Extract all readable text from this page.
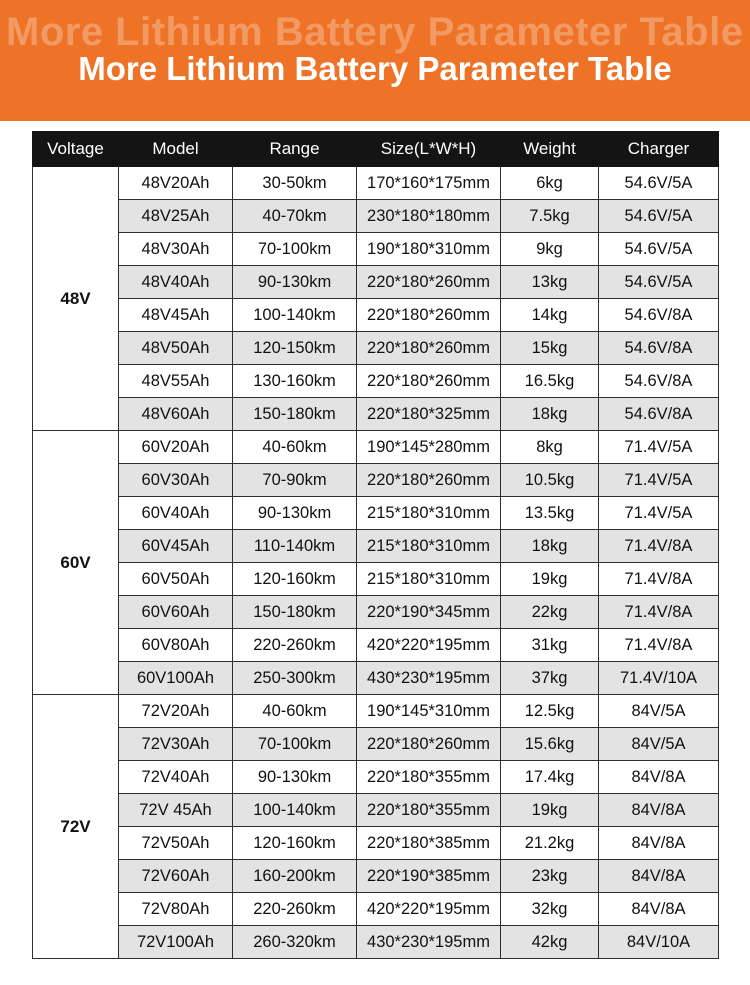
More Lithium Battery Parameter Table
More Lithium Battery Parameter Table
Voltage	Model	Range	Size(L*W*H)	Weight	Charger
48V	48V20Ah	30-50km	170*160*175mm	6kg	54.6V/5A
	48V25Ah	40-70km	230*180*180mm	7.5kg	54.6V/5A
	48V30Ah	70-100km	190*180*310mm	9kg	54.6V/5A
	48V40Ah	90-130km	220*180*260mm	13kg	54.6V/5A
	48V45Ah	100-140km	220*180*260mm	14kg	54.6V/8A
	48V50Ah	120-150km	220*180*260mm	15kg	54.6V/8A
	48V55Ah	130-160km	220*180*260mm	16.5kg	54.6V/8A
	48V60Ah	150-180km	220*180*325mm	18kg	54.6V/8A
60V	60V20Ah	40-60km	190*145*280mm	8kg	71.4V/5A
	60V30Ah	70-90km	220*180*260mm	10.5kg	71.4V/5A
	60V40Ah	90-130km	215*180*310mm	13.5kg	71.4V/5A
	60V45Ah	110-140km	215*180*310mm	18kg	71.4V/8A
	60V50Ah	120-160km	215*180*310mm	19kg	71.4V/8A
	60V60Ah	150-180km	220*190*345mm	22kg	71.4V/8A
	60V80Ah	220-260km	420*220*195mm	31kg	71.4V/8A
	60V100Ah	250-300km	430*230*195mm	37kg	71.4V/10A
72V	72V20Ah	40-60km	190*145*310mm	12.5kg	84V/5A
	72V30Ah	70-100km	220*180*260mm	15.6kg	84V/5A
	72V40Ah	90-130km	220*180*355mm	17.4kg	84V/8A
	72V 45Ah	100-140km	220*180*355mm	19kg	84V/8A
	72V50Ah	120-160km	220*180*385mm	21.2kg	84V/8A
	72V60Ah	160-200km	220*190*385mm	23kg	84V/8A
	72V80Ah	220-260km	420*220*195mm	32kg	84V/8A
	72V100Ah	260-320km	430*230*195mm	42kg	84V/10A
